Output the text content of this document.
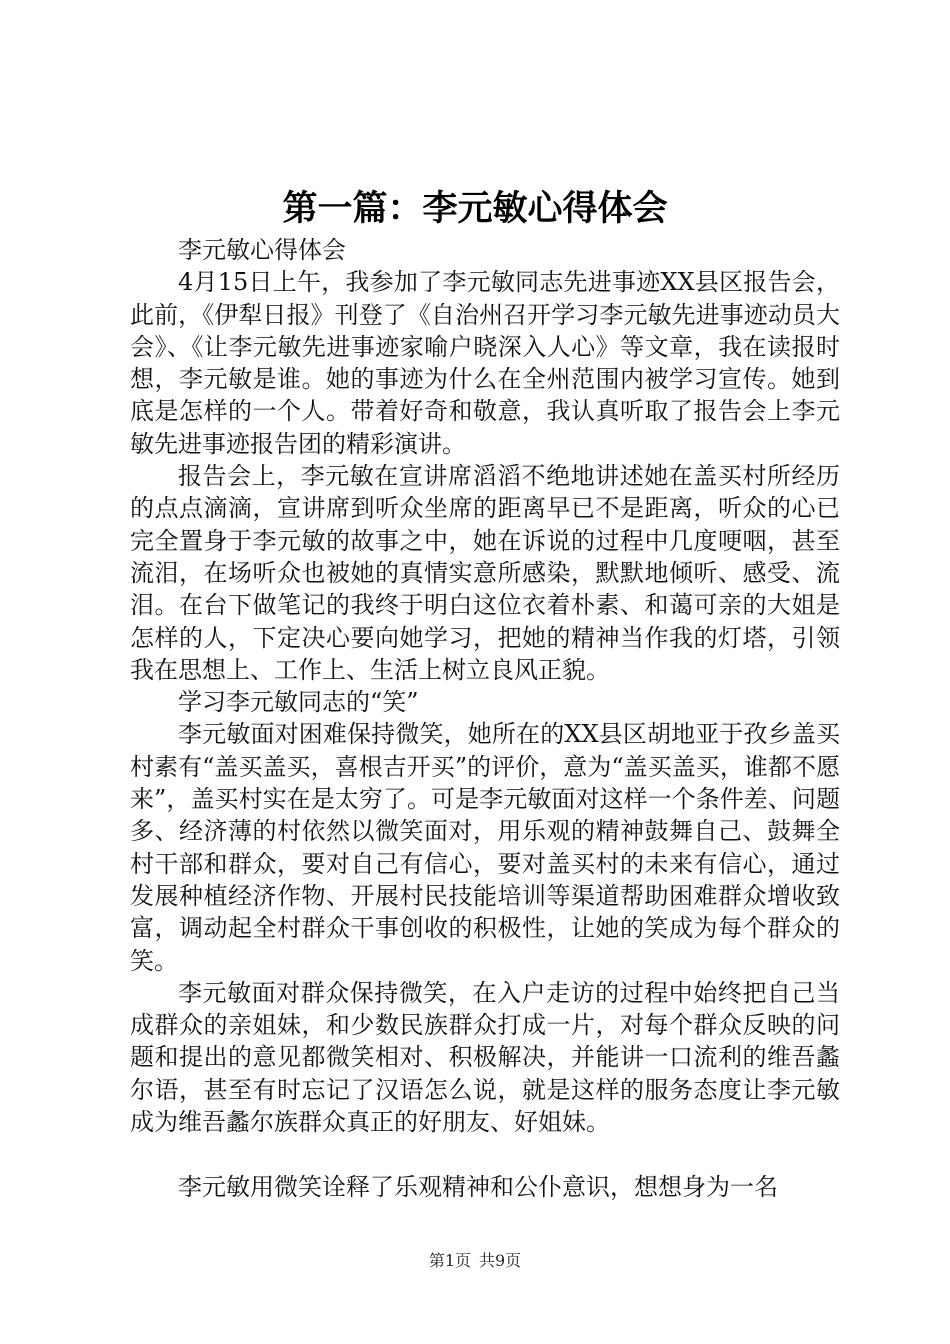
第一篇：李元敏心得体会

李元敏心得体会

4月15日上午，我参加了李元敏同志先进事迹XX县区报告会，此前，《伊犁日报》刊登了《自治州召开学习李元敏先进事迹动员大会》、《让李元敏先进事迹家喻户晓深入人心》等文章，我在读报时想，李元敏是谁。她的事迹为什么在全州范围内被学习宣传。她到底是怎样的一个人。带着好奇和敬意，我认真听取了报告会上李元敏先进事迹报告团的精彩演讲。

报告会上，李元敏在宣讲席滔滔不绝地讲述她在盖买村所经历的点点滴滴，宣讲席到听众坐席的距离早已不是距离，听众的心已完全置身于李元敏的故事之中，她在诉说的过程中几度哽咽，甚至流泪，在场听众也被她的真情实意所感染，默默地倾听、感受、流泪。在台下做笔记的我终于明白这位衣着朴素、和蔼可亲的大姐是怎样的人，下定决心要向她学习，把她的精神当作我的灯塔，引领我在思想上、工作上、生活上树立良风正貌。

学习李元敏同志的“笑”

李元敏面对困难保持微笑，她所在的XX县区胡地亚于孜乡盖买村素有“盖买盖买，喜根吉开买”的评价，意为“盖买盖买，谁都不愿来”，盖买村实在是太穷了。可是李元敏面对这样一个条件差、问题多、经济薄的村依然以微笑面对，用乐观的精神鼓舞自己、鼓舞全村干部和群众，要对自己有信心，要对盖买村的未来有信心，通过发展种植经济作物、开展村民技能培训等渠道帮助困难群众增收致富，调动起全村群众干事创收的积极性，让她的笑成为每个群众的笑。

李元敏面对群众保持微笑，在入户走访的过程中始终把自己当成群众的亲姐妹，和少数民族群众打成一片，对每个群众反映的问题和提出的意见都微笑相对、积极解决，并能讲一口流利的维吾蠡尔语，甚至有时忘记了汉语怎么说，就是这样的服务态度让李元敏成为维吾蠡尔族群众真正的好朋友、好姐妹。

李元敏用微笑诠释了乐观精神和公仆意识，想想身为一名

第1页 共9页
